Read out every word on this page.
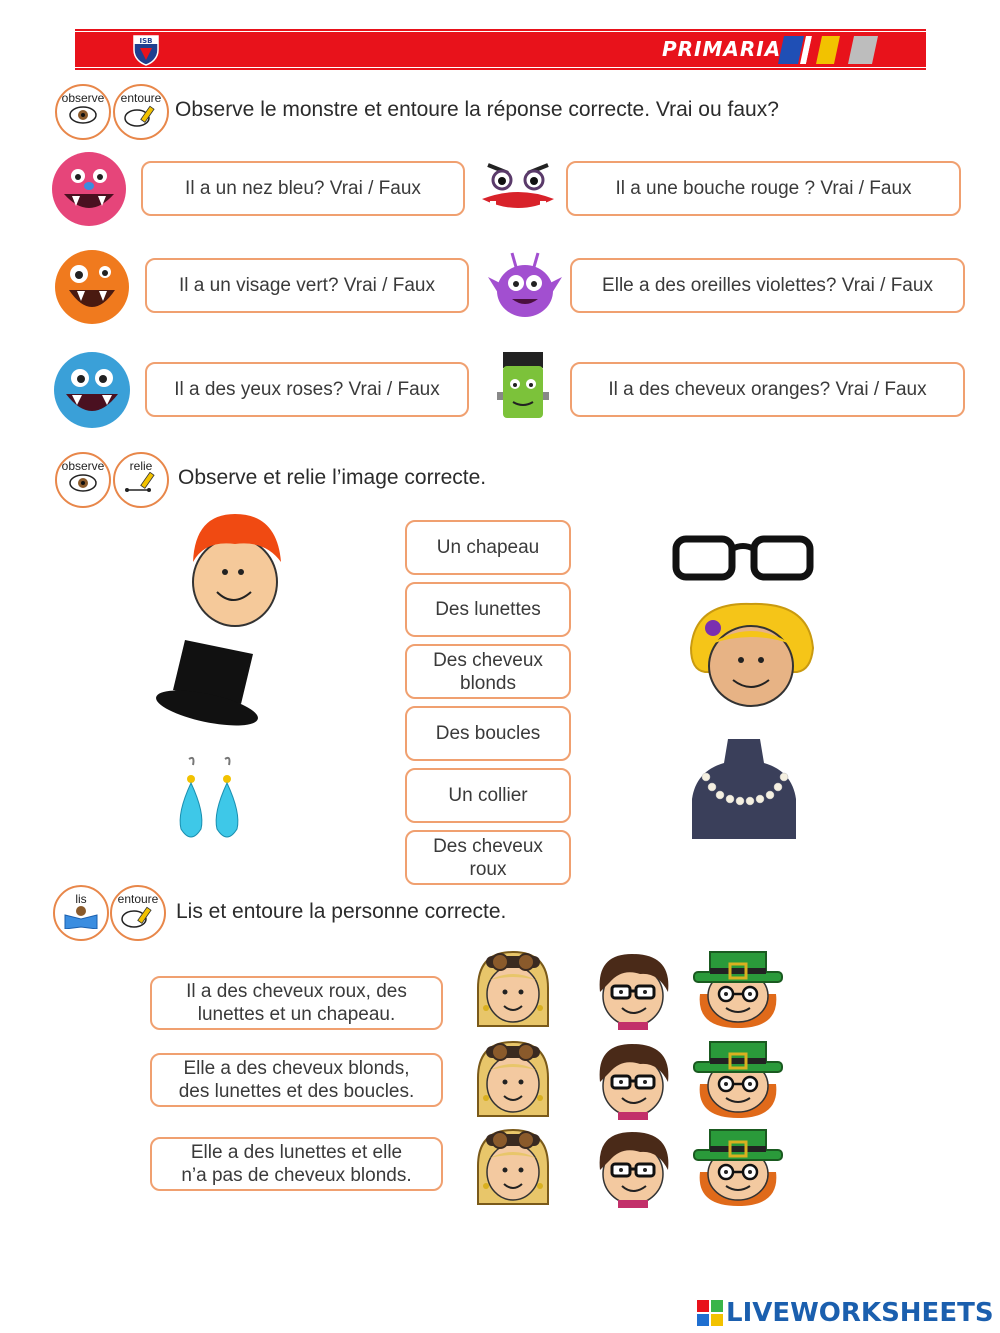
ISB	PRIMARIA
observe entoure Observe le monstre et entoure la réponse correcte. Vrai ou faux?
Il a un nez bleu? Vrai / Faux	Il a une bouche rouge ? Vrai / Faux
Il a un visage vert? Vrai / Faux	Elle a des oreilles violettes? Vrai / Faux
Il a des yeux roses? Vrai / Faux	Il a des cheveux oranges? Vrai / Faux
observe relie Observe et relie l’image correcte.
Un chapeau
Des lunettes
Des cheveux
blonds
Des boucles
Un collier
Des cheveux
roux
lis	entoure
Lis et entoure la personne correcte.
Il a des cheveux roux, des
lunettes et un chapeau.
Elle a des cheveux blonds,
des lunettes et des boucles.
Elle a des lunettes et elle
n’a pas de cheveux blonds.
LIVEWORKSHEETS
